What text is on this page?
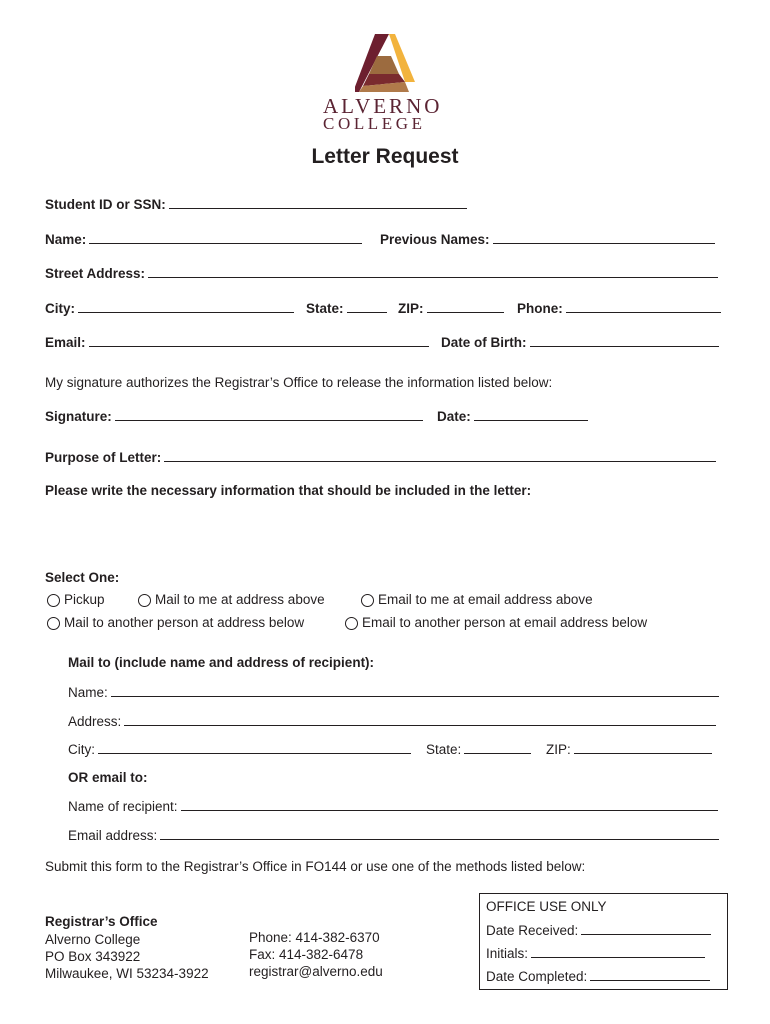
ALVERNO
COLLEGE
Letter Request
Student ID or SSN:
Name:	Previous Names:
Street Address:
City:	State:	ZIP:	Phone:
Email:	Date of Birth:
My signature authorizes the Registrar’s Office to release the information listed below:
Signature:	Date:
Purpose of Letter:
Please write the necessary information that should be included in the letter:
Select One:
Pickup	Mail to me at address above	Email to me at email address above
Mail to another person at address below	Email to another person at email address below
Mail to (include name and address of recipient):
Name:
Address:
City:	State:	ZIP:
OR email to:
Name of recipient:
Email address:
Submit this form to the Registrar’s Office in FO144 or use one of the methods listed below:
Registrar’s Office
Alverno College
PO Box 343922
Milwaukee, WI 53234-3922
Phone: 414-382-6370
Fax: 414-382-6478
registrar@alverno.edu
OFFICE USE ONLY
Date Received:
Initials:
Date Completed:
